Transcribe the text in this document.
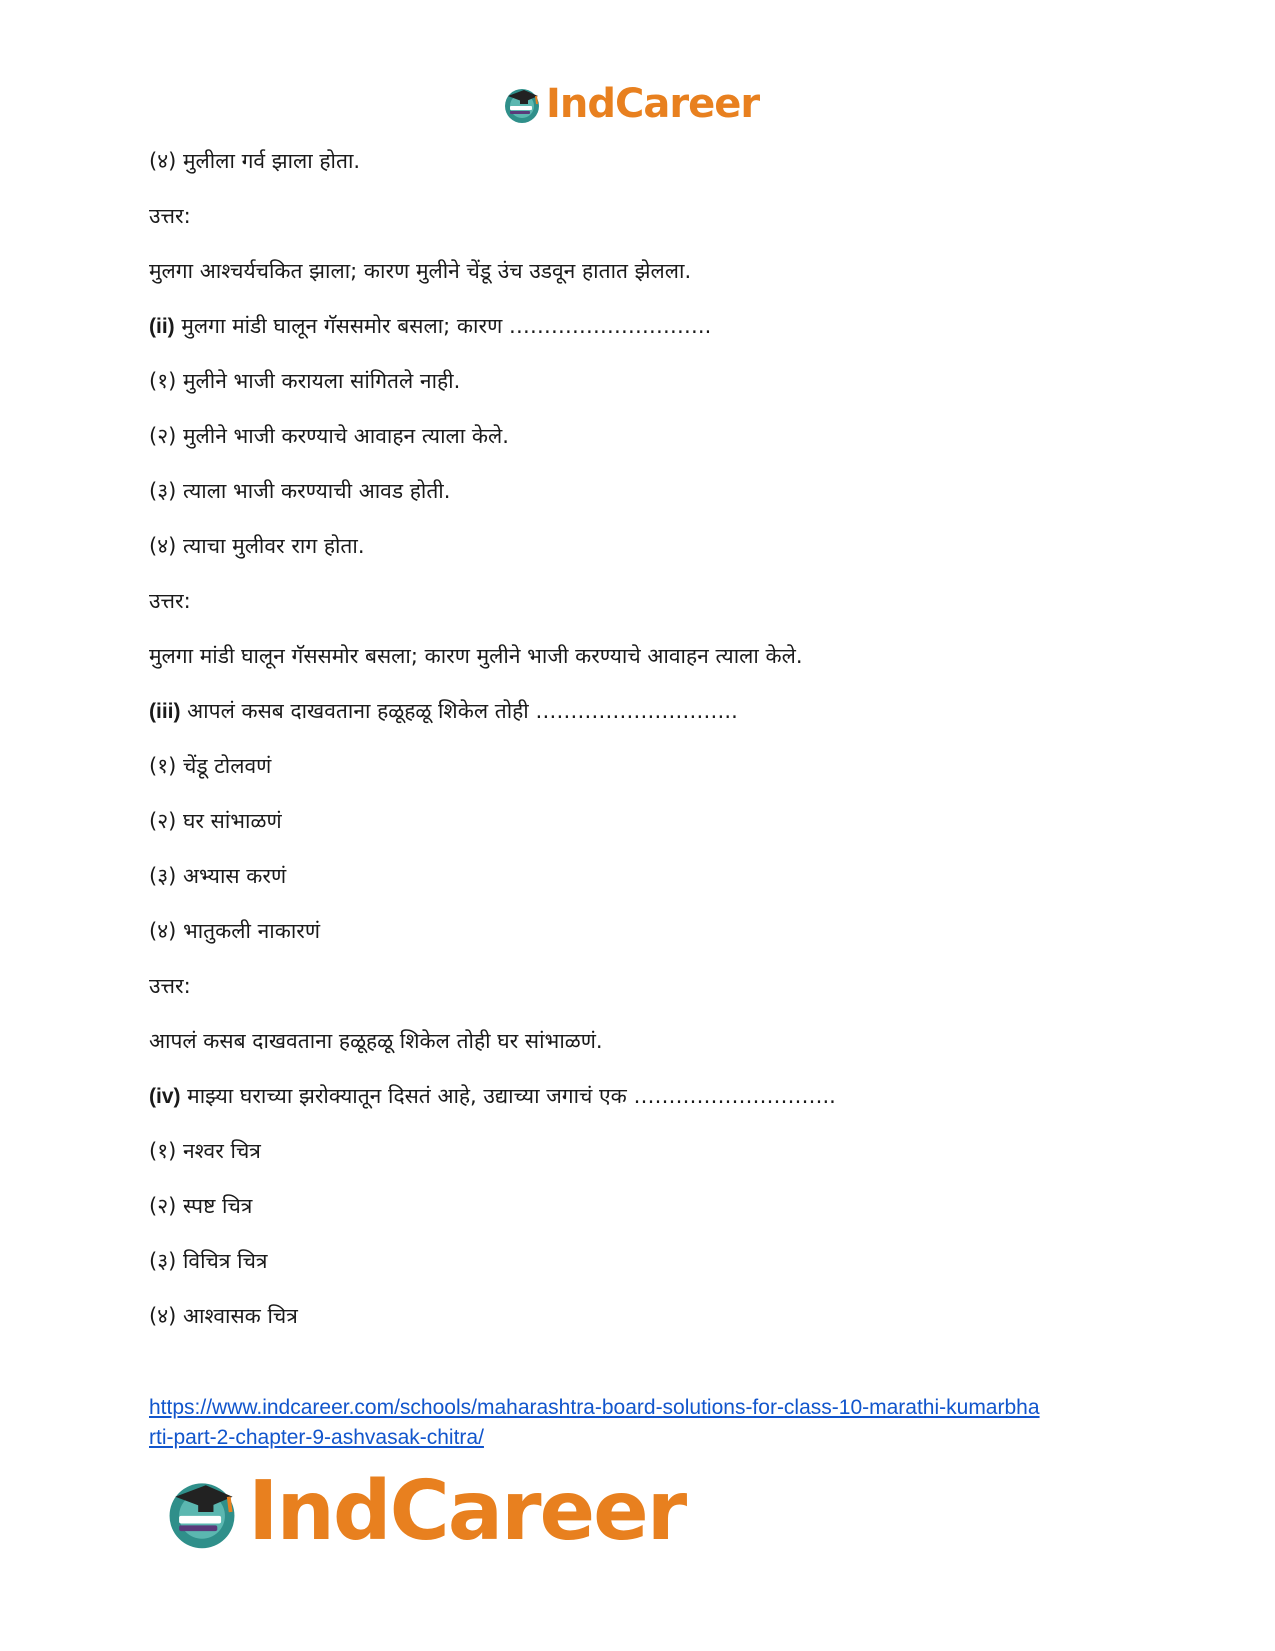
IndCareer
(४) मुलीला गर्व झाला होता.
उत्तर:
मुलगा आश्चर्यचकित झाला; कारण मुलीने चेंडू उंच उडवून हातात झेलला.
(ii) मुलगा मांडी घालून गॅससमोर बसला; कारण ………………………..
(१) मुलीने भाजी करायला सांगितले नाही.
(२) मुलीने भाजी करण्याचे आवाहन त्याला केले.
(३) त्याला भाजी करण्याची आवड होती.
(४) त्याचा मुलीवर राग होता.
उत्तर:
मुलगा मांडी घालून गॅससमोर बसला; कारण मुलीने भाजी करण्याचे आवाहन त्याला केले.
(iii) आपलं कसब दाखवताना हळूहळू शिकेल तोही ………………………..
(१) चेंडू टोलवणं
(२) घर सांभाळणं
(३) अभ्यास करणं
(४) भातुकली नाकारणं
उत्तर:
आपलं कसब दाखवताना हळूहळू शिकेल तोही घर सांभाळणं.
(iv) माझ्या घराच्या झरोक्यातून दिसतं आहे, उद्याच्या जगाचं एक ………………………..
(१) नश्वर चित्र
(२) स्पष्ट चित्र
(३) विचित्र चित्र
(४) आश्वासक चित्र
https://www.indcareer.com/schools/maharashtra-board-solutions-for-class-10-marathi-kumarbha
rti-part-2-chapter-9-ashvasak-chitra/
IndCareer
